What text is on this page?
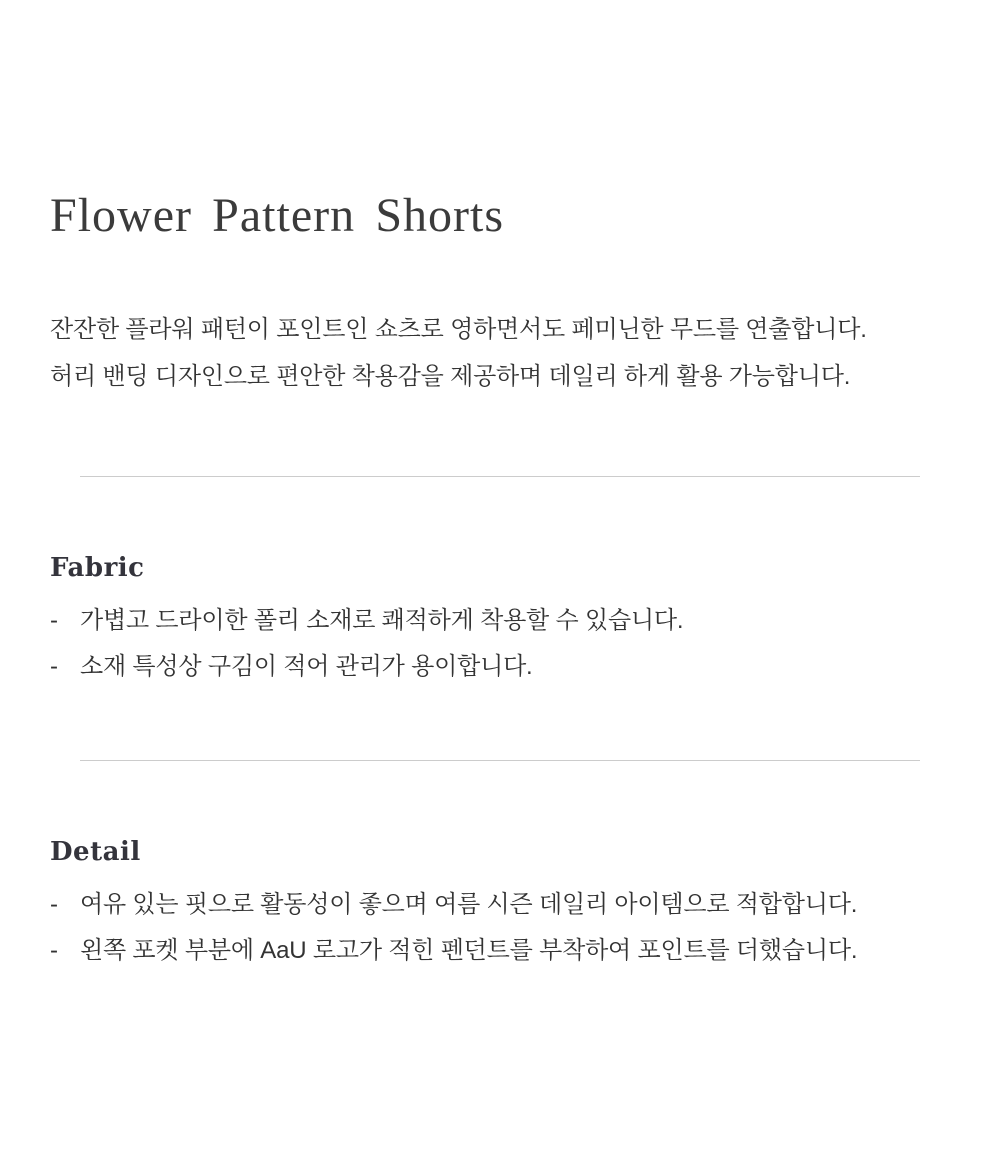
Flower Pattern Shorts

잔잔한 플라워 패턴이 포인트인 쇼츠로 영하면서도 페미닌한 무드를 연출합니다.
허리 밴딩 디자인으로 편안한 착용감을 제공하며 데일리 하게 활용 가능합니다.

Fabric
- 가볍고 드라이한 폴리 소재로 쾌적하게 착용할 수 있습니다.
- 소재 특성상 구김이 적어 관리가 용이합니다.
Detail
- 여유 있는 핏으로 활동성이 좋으며 여름 시즌 데일리 아이템으로 적합합니다.
- 왼쪽 포켓 부분에 AaU 로고가 적힌 펜던트를 부착하여 포인트를 더했습니다.
